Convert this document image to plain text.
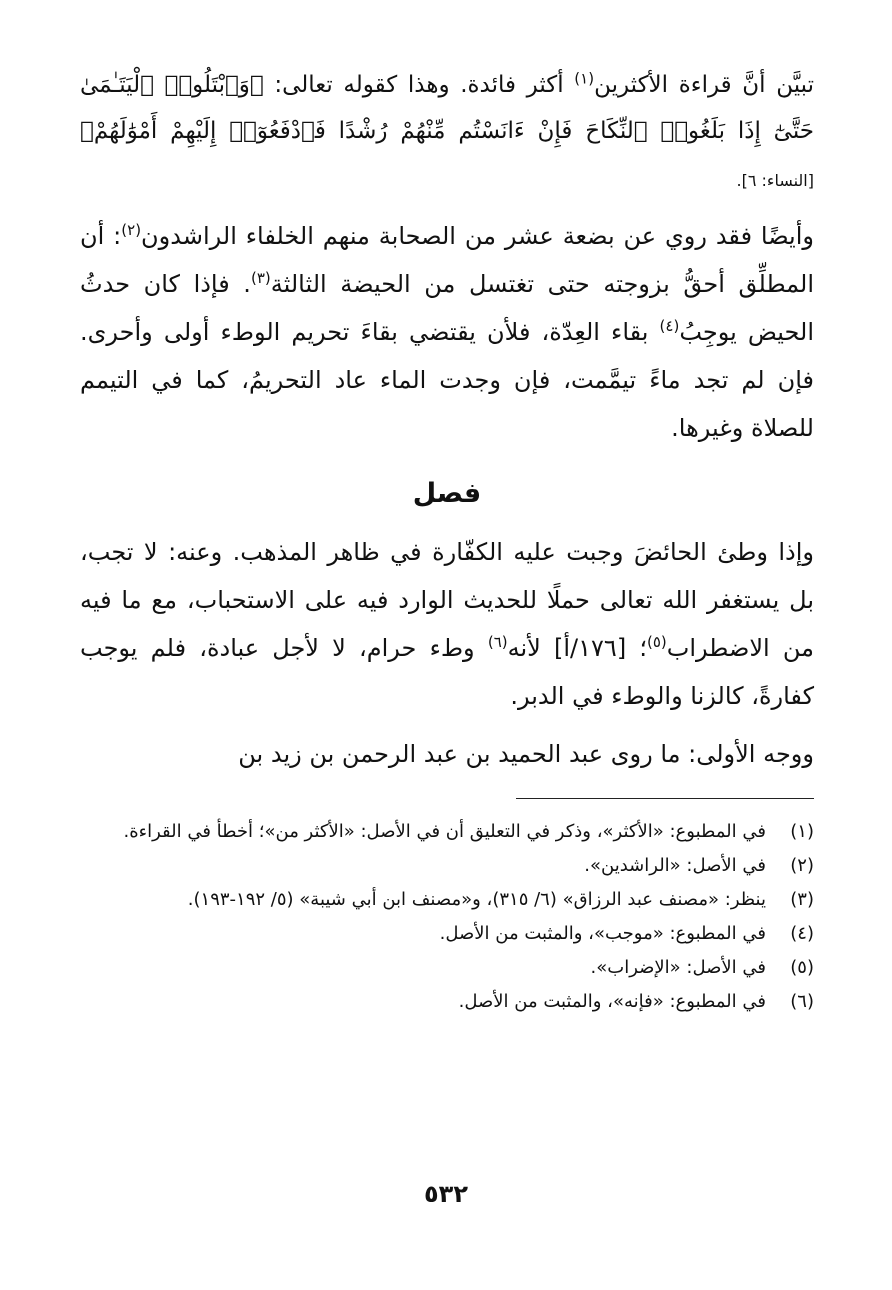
تبيَّن أنَّ قراءة الأكثرين$^{(١)}$ أكثر فائدة. وهذا كقوله تعالى: ﴿وَٱبْتَلُوا۟ ٱلْيَتَـٰمَىٰ حَتَّىٰٓ إِذَا بَلَغُوا۟ ٱلنِّكَاحَ فَإِنْ ءَانَسْتُم مِّنْهُمْ رُشْدًا فَٱدْفَعُوٓا۟ إِلَيْهِمْ أَمْوَٰلَهُمْ﴾ [النساء: ٦].

وأيضًا فقد روي عن بضعة عشر من الصحابة منهم الخلفاء الراشدون$^{(٢)}$: أن المطلِّق أحقُّ بزوجته حتى تغتسل من الحيضة الثالثة$^{(٣)}$. فإذا كان حدثُ الحيض يوجِبُ$^{(٤)}$ بقاء العِدّة، فلأن يقتضي بقاءَ تحريم الوطء أولى وأحرى. فإن لم تجد ماءً تيمَّمت، فإن وجدت الماء عاد التحريمُ، كما في التيمم للصلاة وغيرها.

فصل

وإذا وطئ الحائضَ وجبت عليه الكفّارة في ظاهر المذهب. وعنه: لا تجب، بل يستغفر الله تعالى حملًا للحديث الوارد فيه على الاستحباب، مع ما فيه من الاضطراب$^{(٥)}$؛ [١٧٦/أ] لأنه$^{(٦)}$ وطء حرام، لا لأجل عبادة، فلم يوجب كفارةً، كالزنا والوطء في الدبر.

ووجه الأولى: ما روى عبد الحميد بن عبد الرحمن بن زيد بن

(١)
في المطبوع: «الأكثر»، وذكر في التعليق أن في الأصل: «الأكثر من»؛ أخطأ في القراءة.
(٢)
في الأصل: «الراشدين».
(٣)
ينظر: «مصنف عبد الرزاق» (٦/ ٣١٥)، و«مصنف ابن أبي شيبة» (٥/ ١٩٢-١٩٣).
(٤)
في المطبوع: «موجب»، والمثبت من الأصل.
(٥)
في الأصل: «الإضراب».
(٦)
في المطبوع: «فإنه»، والمثبت من الأصل.
٥٣٢
